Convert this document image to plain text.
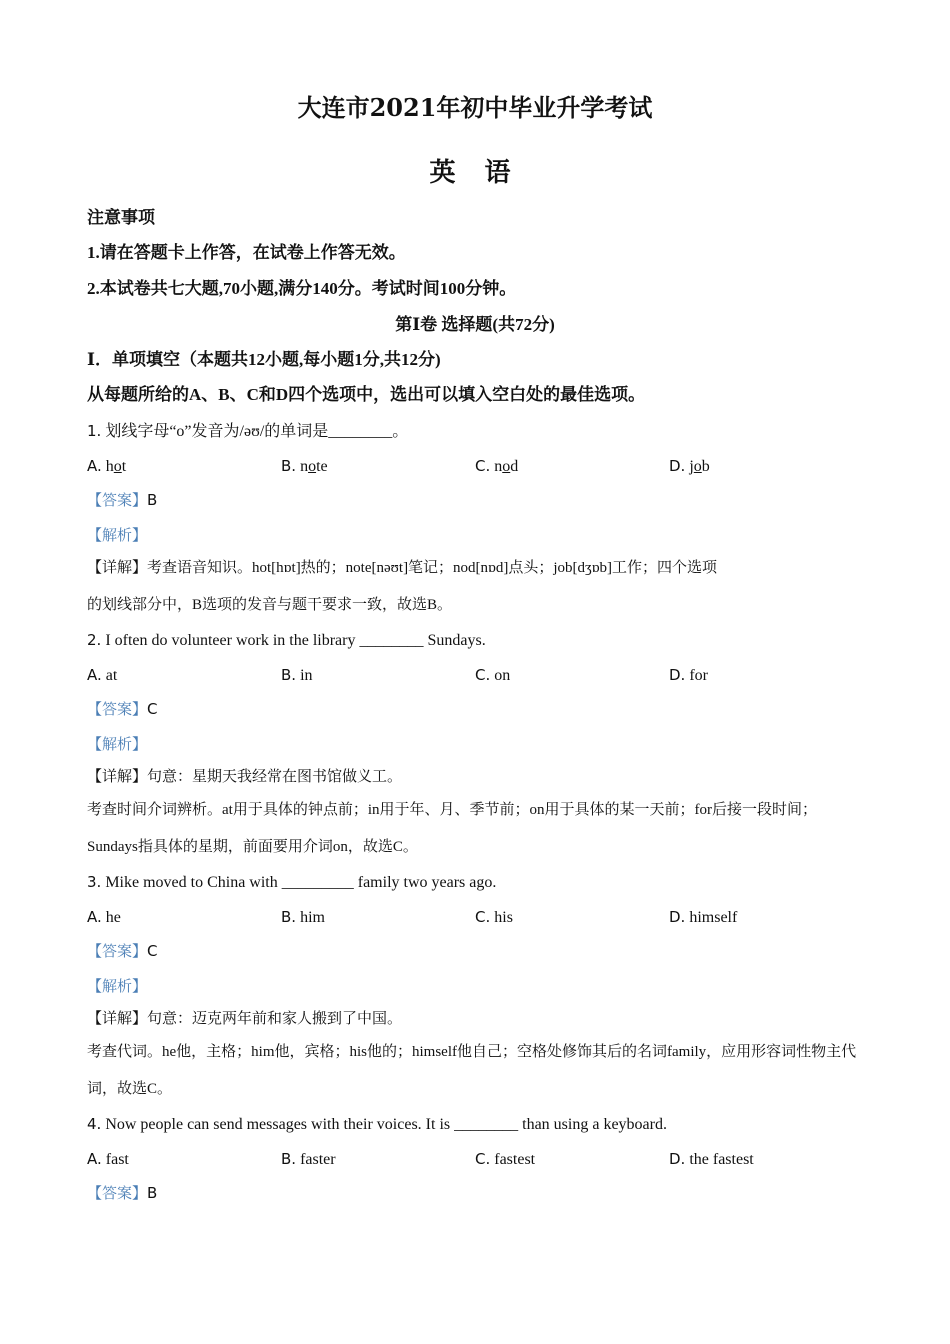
大连市2021年初中毕业升学考试
英 语
注意事项
1.请在答题卡上作答，在试卷上作答无效。
2.本试卷共七大题,70小题,满分140分。考试时间100分钟。
第Ⅰ卷 选择题(共72分)
Ⅰ．单项填空（本题共12小题,每小题1分,共12分)
从每题所给的A、B、C和D四个选项中，选出可以填入空白处的最佳选项。
1. 划线字母“o”发音为/əʊ/的单词是________。
A. hot	B. note	C. nod	D. job
【答案】B
【解析】
【详解】考查语音知识。hot[hɒt]热的；note[nəʊt]笔记；nod[nɒd]点头；job[dʒɒb]工作；四个选项
的划线部分中，B选项的发音与题干要求一致，故选B。
2. I often do volunteer work in the library ________ Sundays.
A. at	B. in	C. on	D. for
【答案】C
【解析】
【详解】句意：星期天我经常在图书馆做义工。
考查时间介词辨析。at用于具体的钟点前；in用于年、月、季节前；on用于具体的某一天前；for后接一段时间；Sundays指具体的星期，前面要用介词on，故选C。
3. Mike moved to China with _________ family two years ago.
A. he	B. him	C. his	D. himself
【答案】C
【解析】
【详解】句意：迈克两年前和家人搬到了中国。
考查代词。he他，主格；him他，宾格；his他的；himself他自己；空格处修饰其后的名词family，应用形容词性物主代词，故选C。
4. Now people can send messages with their voices. It is ________ than using a keyboard.
A. fast	B. faster	C. fastest	D. the fastest
【答案】B
